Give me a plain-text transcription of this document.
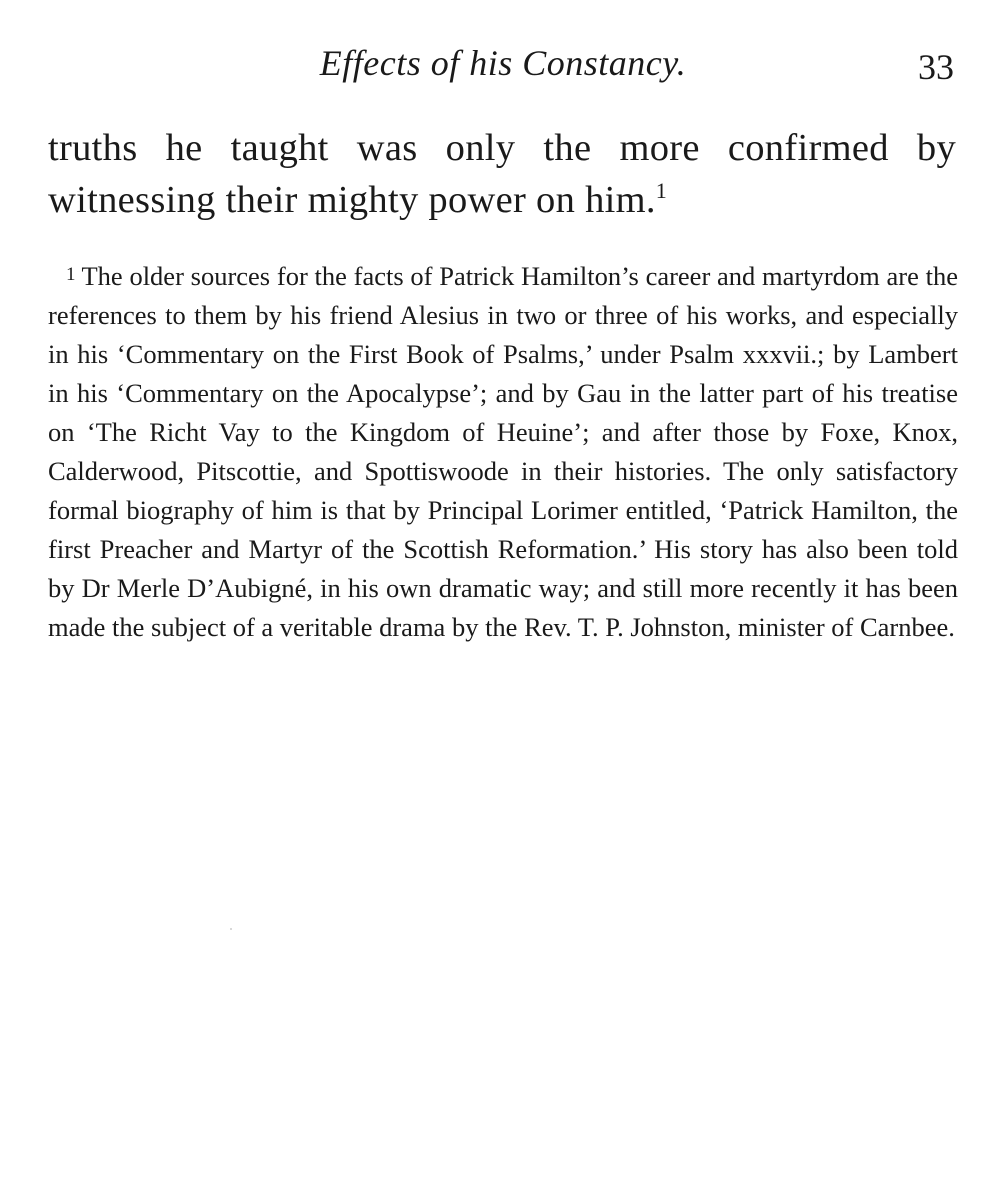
Effects of his Constancy.	33

truths he taught was only the more confirmed by witnessing their mighty power on him.$^1$

1 The older sources for the facts of Patrick Hamilton’s career and martyrdom are the references to them by his friend Alesius in two or three of his works, and especially in his ‘Commentary on the First Book of Psalms,’ under Psalm xxxvii.; by Lambert in his ‘Commentary on the Apocalypse’; and by Gau in the latter part of his treatise on ‘The Richt Vay to the Kingdom of Heuine’; and after those by Foxe, Knox, Calderwood, Pitscottie, and Spottiswoode in their histories. The only satisfactory formal biography of him is that by Principal Lorimer entitled, ‘Patrick Hamilton, the first Preacher and Martyr of the Scottish Reformation.’ His story has also been told by Dr Merle D’Aubigné, in his own dramatic way; and still more recently it has been made the subject of a veritable drama by the Rev. T. P. Johnston, minister of Carnbee.
